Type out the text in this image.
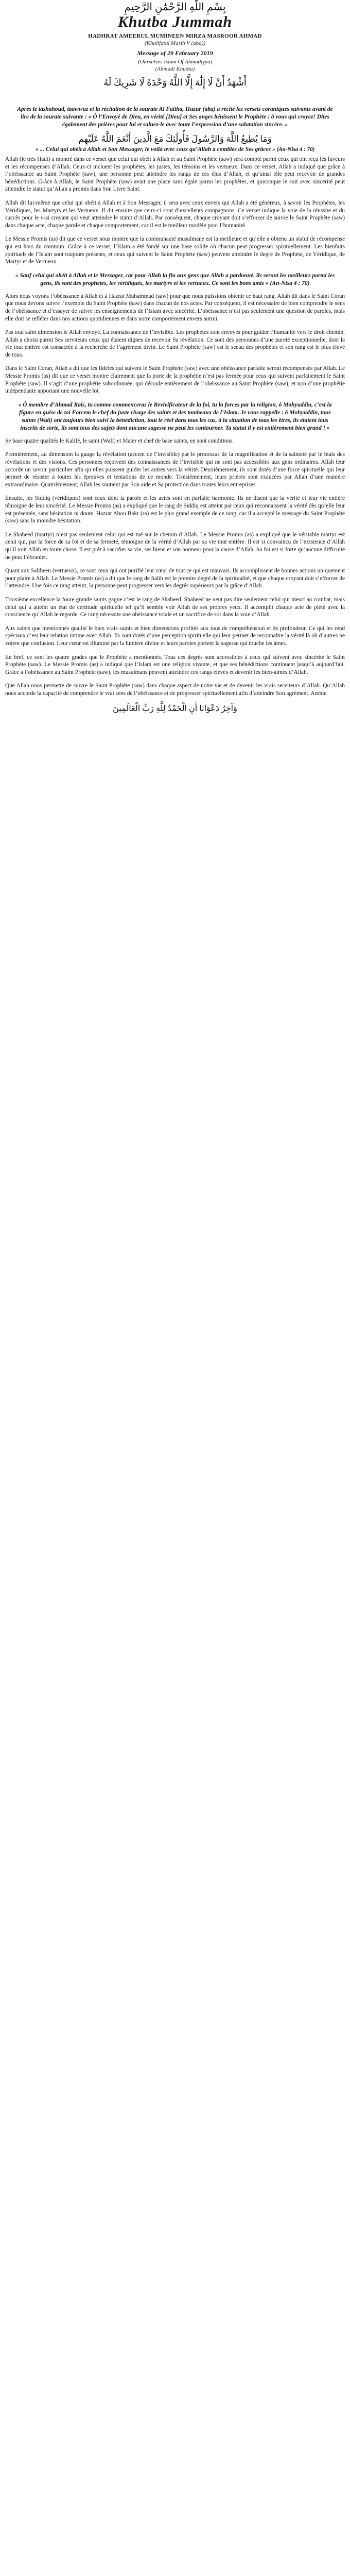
بِسْمِ اللَّهِ الرَّحْمَٰنِ الرَّحِيمِ
Khutba Jummah
HADHRAT AMEERUL MUMINEEN MIRZA MASROOR AHMAD
(Khalifatul Masih V (aba))
Message of 29 February 2019
(Ourselves Islam Of Ahmadiyya)
(Ahmadi Khutba)
أَشْهَدُ أَنْ لَا إِلَٰهَ إِلَّا اللَّهُ وَحْدَهُ لَا شَرِيكَ لَهُ
Après le tashahoud, taawwuz et la récitation de la sourate Al Fatiha, Huzur (aba) a récité les versets coraniques suivants avant de lire de la sourate suivante : « Ô l’Envoyé de Dieu, en vérité [Dieu] et Ses anges bénissent le Prophète : ô vous qui croyez! Dites également des prières pour lui et saluez-le avec toute l’expression d’une salutation sincère. »
وَمَا يُطِيعُ اللَّهَ وَالرَّسُولَ فَأُولَٰئِكَ مَعَ الَّذِينَ أَنْعَمَ اللَّهُ عَلَيْهِم
« ... Celui qui obéit à Allah et Son Messager, le voilà avec ceux qu’Allah a comblés de Ses grâces » (An-Nisa 4 : 70)

Allah (le très Haut) a montré dans ce verset que celui qui obéit à Allah et au Saint Prophète (saw) sera compté parmi ceux qui ont reçu les faveurs et les récompenses d’Allah. Ceux-ci incluent les prophètes, les justes, les témoins et les vertueux. Dans ce verset, Allah a indiqué que grâce à l’obéissance au Saint Prophète (saw), une personne peut atteindre les rangs de ces élus d’Allah, et qu’ainsi elle peut recevoir de grandes bénédictions. Grâce à Allah, le Saint Prophète (saw) avait une place sans égale parmi les prophètes, et quiconque le suit avec sincérité peut atteindre le statut qu’Allah a promis dans Son Livre Saint.

Allah dit lui-même que celui qui obéit à Allah et à Son Messager, il sera avec ceux envers qui Allah a été généreux, à savoir les Prophètes, les Véridiques, les Martyrs et les Vertueux. Il dit ensuite que ceux-ci sont d’excellents compagnons. Ce verset indique la voie de la réussite et du succès pour le vrai croyant qui veut atteindre le statut d’Allah. Par conséquent, chaque croyant doit s’efforcer de suivre le Saint Prophète (saw) dans chaque acte, chaque parole et chaque comportement, car il est le meilleur modèle pour l’humanité.

Le Messie Promis (as) dit que ce verset nous montre que la communauté musulmane est la meilleure et qu’elle a obtenu un statut de récompense qui est hors du commun. Grâce à ce verset, l’Islam a été fondé sur une base solide où chacun peut progresser spirituellement. Les bienfaits spirituels de l’Islam sont toujours présents, et ceux qui suivent le Saint Prophète (saw) peuvent atteindre le degré de Prophète, de Véridique, de Martyr et de Vertueux.

« Sauf celui qui obéit à Allah et le Messager, car pour Allah la fin aux gens que Allah a pardonné, ils seront les meilleurs parmi les gens, ils sont des prophètes, les véridiques, les martyrs et les vertueux. Ce sont les bons amis » (An-Nisa 4 : 70)

Alors nous voyons l’obéissance à Allah et à Hazrat Muhammad (saw) pour que nous puissions obtenir ce haut rang. Allah dit dans le Saint Coran que nous devons suivre l’exemple du Saint Prophète (saw) dans chacun de nos actes. Par conséquent, il est nécessaire de bien comprendre le sens de l’obéissance et d’essayer de suivre les enseignements de l’Islam avec sincérité. L’obéissance n’est pas seulement une question de paroles, mais elle doit se refléter dans nos actions quotidiennes et dans notre comportement envers autrui.

Pas tout saint dimension le Allah envoyé. La connaissance de l’invisible. Les prophètes sont envoyés pour guider l’humanité vers le droit chemin. Allah a choisi parmi Ses serviteurs ceux qui étaient dignes de recevoir Sa révélation. Ce sont des personnes d’une pureté exceptionnelle, dont la vie tout entière est consacrée à la recherche de l’agrément divin. Le Saint Prophète (saw) est le sceau des prophètes et son rang est le plus élevé de tous.

Dans le Saint Coran, Allah a dit que les fidèles qui suivent le Saint Prophète (saw) avec une obéissance parfaite seront récompensés par Allah. Le Messie Promis (as) dit que ce verset montre clairement que la porte de la prophétie n’est pas fermée pour ceux qui suivent parfaitement le Saint Prophète (saw). Il s’agit d’une prophétie subordonnée, qui découle entièrement de l’obéissance au Saint Prophète (saw), et non d’une prophétie indépendante apportant une nouvelle loi.

« Ô membre d’Ahmad Raïs, tu comme commenceras le Revivificateur de la foi, tu la forces par la religion, ô Mohyuddin, c’est la figure en guise de toi Forcem le chef du juste rivage des saints et des tombeaux de l’Islam. Je vous rappelle : ô Mohyuddin, tous saints (Wali) ont toujours bien suivi la bénédiction, tout le réel dans tous les cas, à la situation de tous les êtres, ils étaient tous inscrits de sorte, ils sont tous des sujets dont aucune sagesse ne peut les contourner. Ta statut il y est entièrement bien grand ! »

Se base quatre qualités le Kalifé, le saint (Wali) et Mater et chef de base saints, en sont conditions.

Premièrement, au dimension la gauge la révélation (accent de l’invisible) par le processus de la magnification et de la sainteté par le biais des révélations et des visions. Ces personnes reçoivent des connaissances de l’invisible qui ne sont pas accessibles aux gens ordinaires. Allah leur accorde un savoir particulier afin qu’elles puissent guider les autres vers la vérité. Deuxièmement, ils sont dotés d’une force spirituelle qui leur permet de résister à toutes les épreuves et tentations de ce monde. Troisièmement, leurs prières sont exaucées par Allah d’une manière extraordinaire. Quatrièmement, Allah les soutient par Son aide et Sa protection dans toutes leurs entreprises.

Ensuite, les Siddiq (véridiques) sont ceux dont la parole et les actes sont en parfaite harmonie. Ils ne disent que la vérité et leur vie entière témoigne de leur sincérité. Le Messie Promis (as) a expliqué que le rang de Siddiq est atteint par ceux qui reconnaissent la vérité dès qu’elle leur est présentée, sans hésitation ni doute. Hazrat Abou Bakr (ra) est le plus grand exemple de ce rang, car il a accepté le message du Saint Prophète (saw) sans la moindre hésitation.

Le Shaheed (martyr) n’est pas seulement celui qui est tué sur le chemin d’Allah. Le Messie Promis (as) a expliqué que le véritable martyr est celui qui, par la force de sa foi et de sa fermeté, témoigne de la vérité d’Allah par sa vie tout entière. Il est si convaincu de l’existence d’Allah qu’il voit Allah en toute chose. Il est prêt à sacrifier sa vie, ses biens et son honneur pour la cause d’Allah. Sa foi est si forte qu’aucune difficulté ne peut l’ébranler.

Quant aux Saliheen (vertueux), ce sont ceux qui ont purifié leur cœur de tout ce qui est mauvais. Ils accomplissent de bonnes actions uniquement pour plaire à Allah. Le Messie Promis (as) a dit que le rang de Salih est le premier degré de la spiritualité, et que chaque croyant doit s’efforcer de l’atteindre. Une fois ce rang atteint, la personne peut progresser vers les degrés supérieurs par la grâce d’Allah.

Troisième excellence la foure grande saints gagne c’est le rang de Shaheed. Shaheed ne veut pas dire seulement celui qui meurt au combat, mais celui qui a atteint un état de certitude spirituelle tel qu’il semble voir Allah de ses propres yeux. Il accomplit chaque acte de piété avec la conscience qu’Allah le regarde. Ce rang nécessite une obéissance totale et un sacrifice de soi dans la voie d’Allah.

Aux saints que mentionnés qualité le bien vrais saints et bien dimensions profités aux tous de compréhension et de profondeur. Ce qui les rend spéciaux c’est leur relation intime avec Allah. Ils sont dotés d’une perception spirituelle qui leur permet de reconnaître la vérité là où d’autres ne voient que confusion. Leur cœur est illuminé par la lumière divine et leurs paroles portent la sagesse qui touche les âmes.

En bref, ce sont les quatre grades que le Prophète a mentionnés. Tous ces degrés sont accessibles à ceux qui suivent avec sincérité le Saint Prophète (saw). Le Messie Promis (as) a indiqué que l’Islam est une religion vivante, et que ses bénédictions continuent jusqu’à aujourd’hui. Grâce à l’obéissance au Saint Prophète (saw), les musulmans peuvent atteindre ces rangs élevés et devenir les bien-aimés d’Allah.

Que Allah nous permette de suivre le Saint Prophète (saw) dans chaque aspect de notre vie et de devenir les vrais serviteurs d’Allah. Qu’Allah nous accorde la capacité de comprendre le vrai sens de l’obéissance et de progresser spirituellement afin d’atteindre Son agrément. Amine.

وَآخِرُ دَعْوَانَا أَنِ الْحَمْدُ لِلَّهِ رَبِّ الْعَالَمِينَ
